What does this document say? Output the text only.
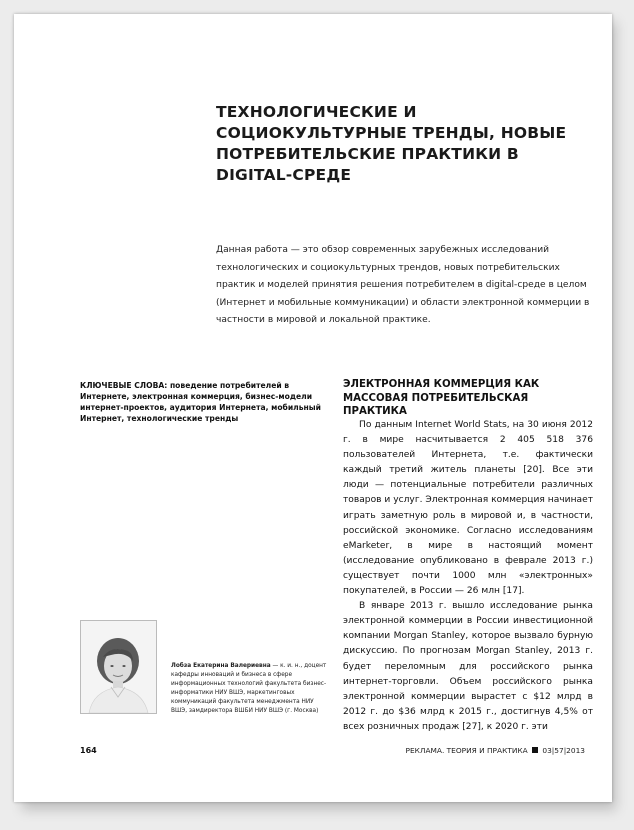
ТЕХНОЛОГИЧЕСКИЕ И СОЦИОКУЛЬТУРНЫЕ ТРЕНДЫ, НОВЫЕ ПОТРЕБИТЕЛЬСКИЕ ПРАКТИКИ В DIGITAL-СРЕДЕ

Данная работа — это обзор современных зарубежных исследований технологических и социокультурных трендов, новых потребительских практик и моделей принятия решения потребителем в digital-среде в целом (Интернет и мобильные коммуникации) и области электронной коммерции в частности в мировой и локальной практике.

КЛЮЧЕВЫЕ СЛОВА: поведение потребителей в Интернете, электронная коммерция, бизнес-модели интернет-проектов, аудитория Интернета, мобильный Интернет, технологические тренды

Лобза Екатерина Валериевна — к. и. н., доцент кафедры инноваций и бизнеса в сфере информационных технологий факультета бизнес-информатики НИУ ВШЭ, маркетинговых коммуникаций факультета менеджмента НИУ ВШЭ, замдиректора ВШБИ НИУ ВШЭ (г. Москва)

ЭЛЕКТРОННАЯ КОММЕРЦИЯ КАК МАССОВАЯ ПОТРЕБИТЕЛЬСКАЯ ПРАКТИКА

По данным Internet World Stats, на 30 июня 2012 г. в мире насчитывается 2 405 518 376 пользователей Интернета, т.е. фактически каждый третий житель планеты [20]. Все эти люди — потенциальные потребители различных товаров и услуг. Электронная коммерция начинает играть заметную роль в мировой и, в частности, российской экономике. Согласно исследованиям eMarketer, в мире в настоящий момент (исследование опубликовано в феврале 2013 г.) существует почти 1000 млн «электронных» покупателей, в России — 26 млн [17].

В январе 2013 г. вышло исследование рынка электронной коммерции в России инвестиционной компании Morgan Stanley, которое вызвало бурную дискуссию. По прогнозам Morgan Stanley, 2013 г. будет переломным для российского рынка интернет-торговли. Объем российского рынка электронной коммерции вырастет с $12 млрд в 2012 г. до $36 млрд к 2015 г., достигнув 4,5% от всех розничных продаж [27], к 2020 г. эти

164	РЕКЛАМА. ТЕОРИЯ И ПРАКТИКА 03|57|2013
